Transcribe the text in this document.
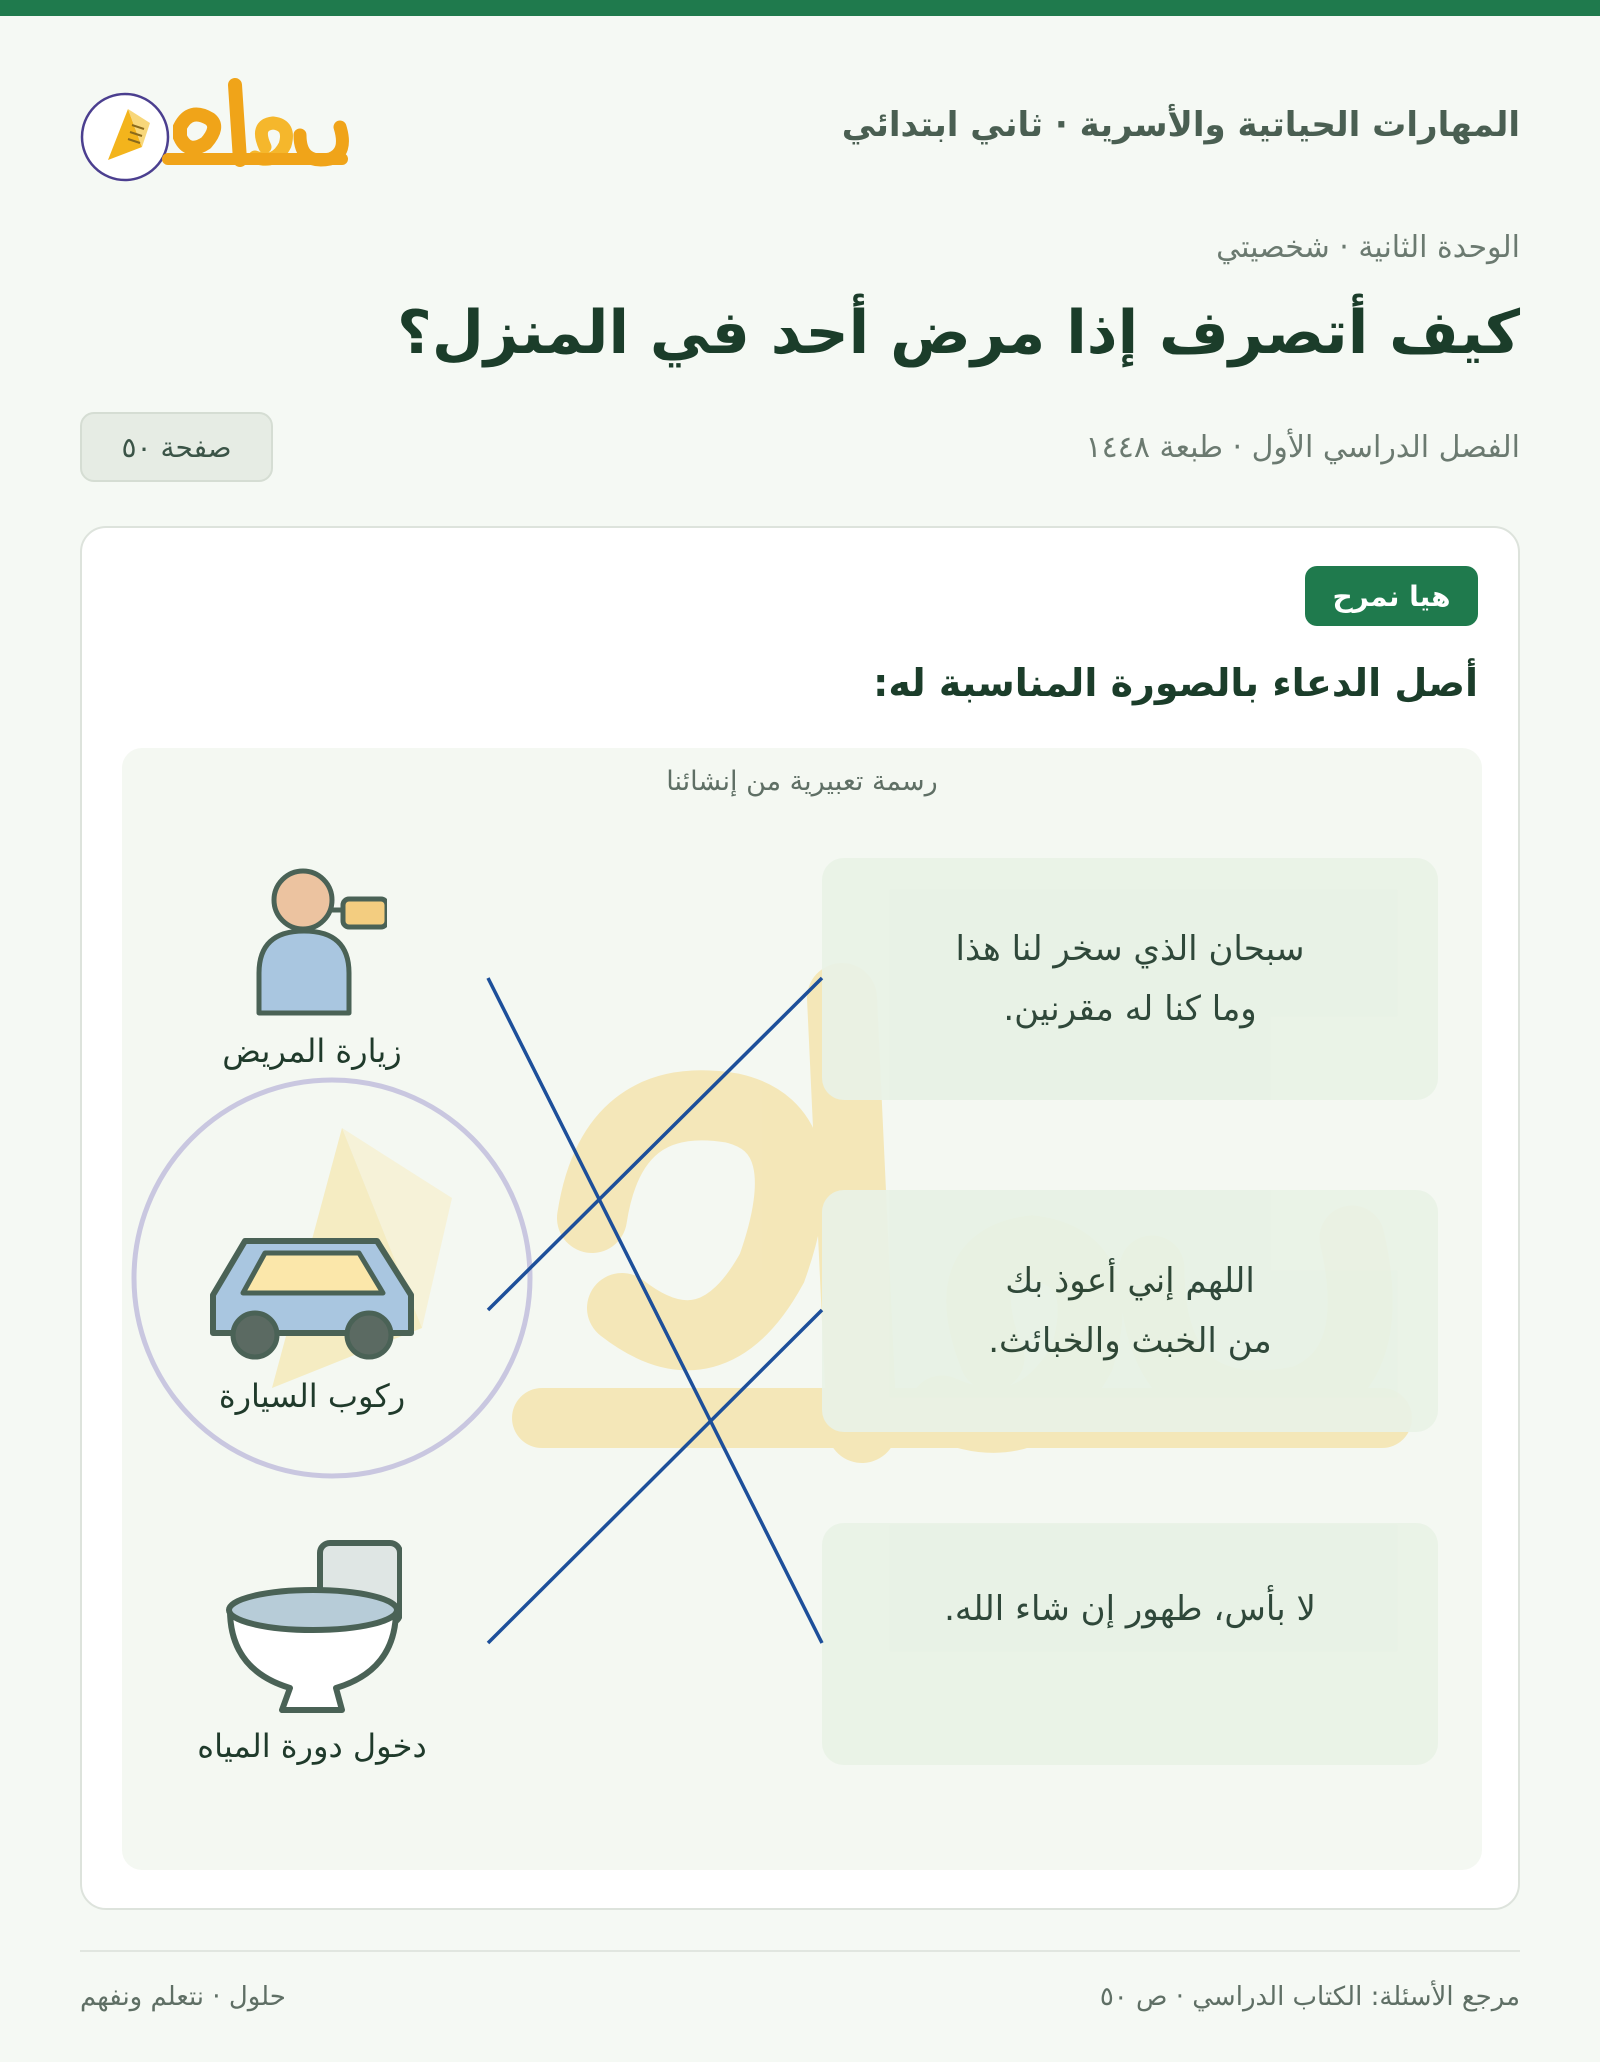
المهارات الحياتية والأسرية · ثاني ابتدائي
الوحدة الثانية · شخصيتي
كيف أتصرف إذا مرض أحد في المنزل؟
الفصل الدراسي الأول · طبعة ١٤٤٨
صفحة ٥٠
هيا نمرح
أصل الدعاء بالصورة المناسبة له:
رسمة تعبيرية من إنشائنا
سبحان الذي سخر لنا هذا
وما كنا له مقرنين.
اللهم إني أعوذ بك
من الخبث والخبائث.
لا بأس، طهور إن شاء الله.
زيارة المريض
ركوب السيارة
دخول دورة المياه
مرجع الأسئلة: الكتاب الدراسي · ص ٥٠
حلول · نتعلم ونفهم
